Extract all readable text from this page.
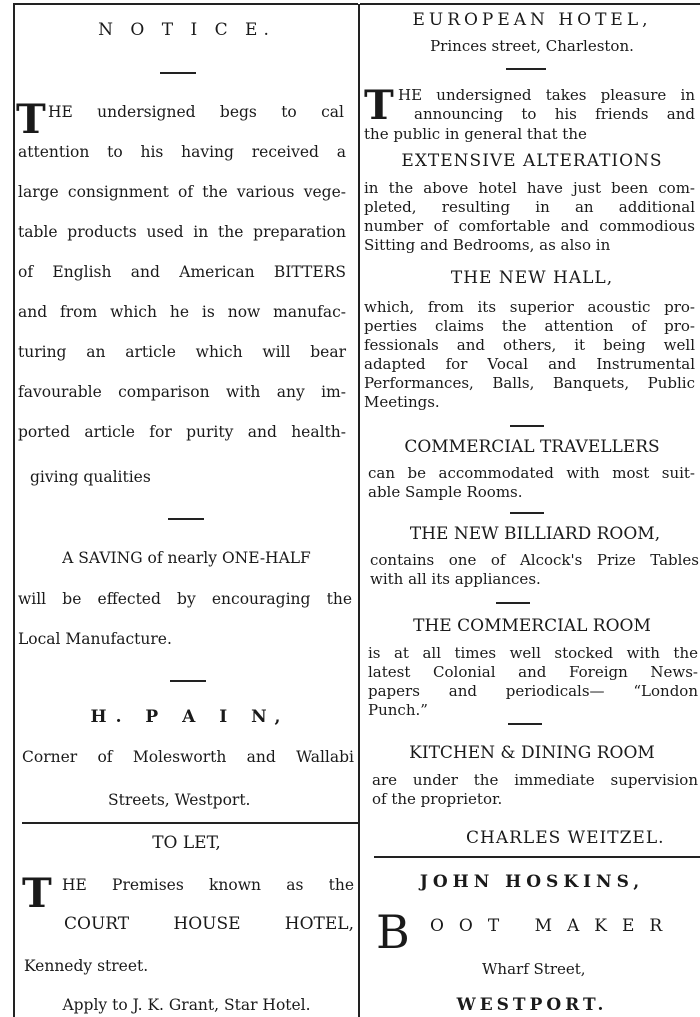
N O T I C E.
T HE undersigned begs to cal
attention to his having received a
large consignment of the various vege-
table products used in the preparation
of English and American BITTERS
and from which he is now manufac-
turing an article which will bear
favourable comparison with any im-
ported article for purity and health-
giving qualities
A SAVING of nearly ONE-HALF
will be effected by encouraging the
Local Manufacture.
H. P A I N,
Corner of Molesworth and Wallabi
Streets, Westport.
TO LET,
T HE Premises known as the
COURT HOUSE HOTEL,
Kennedy street.
Apply to J. K. Grant, Star Hotel.
EUROPEAN HOTEL,
Princes street, Charleston.
T HE undersigned takes pleasure in
announcing to his friends and
the public in general that the
EXTENSIVE ALTERATIONS
in the above hotel have just been com-
pleted, resulting in an additional
number of comfortable and commodious
Sitting and Bedrooms, as also in
THE NEW HALL,
which, from its superior acoustic pro-
perties claims the attention of pro-
fessionals and others, it being well
adapted for Vocal and Instrumental
Performances, Balls, Banquets, Public
Meetings.
COMMERCIAL TRAVELLERS
can be accommodated with most suit-
able Sample Rooms.
THE NEW BILLIARD ROOM,
contains one of Alcock's Prize Tables
with all its appliances.
THE COMMERCIAL ROOM
is at all times well stocked with the
latest Colonial and Foreign News-
papers and periodicals— “London
Punch.”
KITCHEN & DINING ROOM
are under the immediate supervision
of the proprietor.
CHARLES WEITZEL.
JOHN HOSKINS,
B OOT MAKER
Wharf Street,
WESTPORT.
